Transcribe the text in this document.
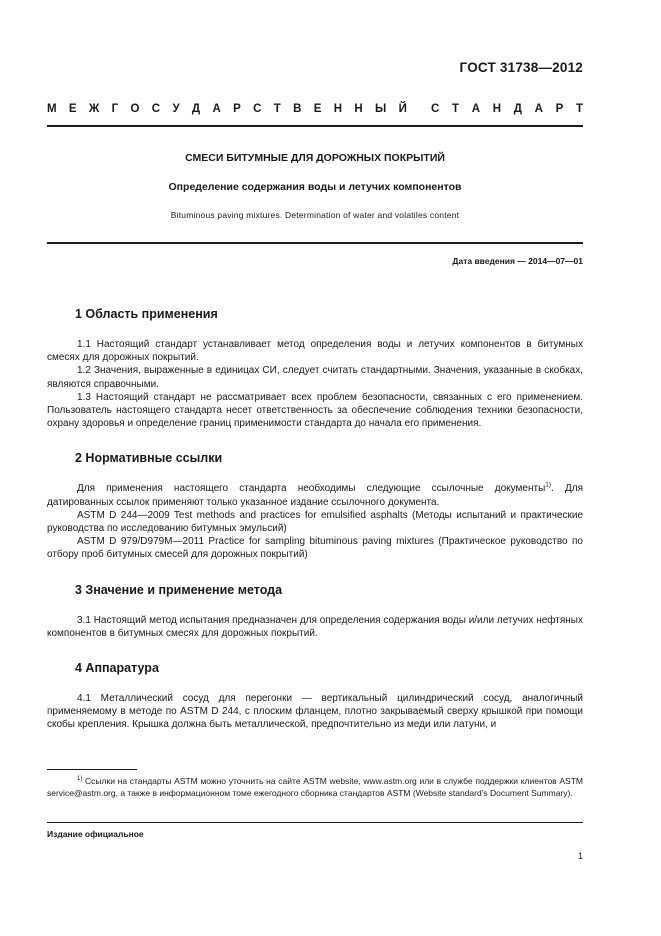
ГОСТ 31738—2012
М Е Ж Г О С У Д А Р С Т В Е Н Н Ы Й С Т А Н Д А Р Т
СМЕСИ БИТУМНЫЕ ДЛЯ ДОРОЖНЫХ ПОКРЫТИЙ
Определение содержания воды и летучих компонентов
Bituminous paving mixtures. Determination of water and volatiles content
Дата введения — 2014—07—01
1 Область применения

1.1 Настоящий стандарт устанавливает метод определения воды и летучих компонентов в битумных смесях для дорожных покрытий.

1.2 Значения, выраженные в единицах СИ, следует считать стандартными. Значения, указанные в скобках, являются справочными.

1.3 Настоящий стандарт не рассматривает всех проблем безопасности, связанных с его применением. Пользователь настоящего стандарта несет ответственность за обеспечение соблюдения техники безопасности, охрану здоровья и определение границ применимости стандарта до начала его применения.

2 Нормативные ссылки

Для применения настоящего стандарта необходимы следующие ссылочные документы$^{1)}$. Для датированных ссылок применяют только указанное издание ссылочного документа.

ASTM D 244—2009 Test methods and practices for emulsified asphalts (Методы испытаний и практические руководства по исследованию битумных эмульсий)

ASTM D 979/D979M—2011 Practice for sampling bituminous paving mixtures (Практическое руководство по отбору проб битумных смесей для дорожных покрытий)

3 Значение и применение метода

3.1 Настоящий метод испытания предназначен для определения содержания воды и/или летучих нефтяных компонентов в битумных смесях для дорожных покрытий.

4 Аппаратура

4.1 Металлический сосуд для перегонки — вертикальный цилиндрический сосуд, аналогичный применяемому в методе по ASTM D 244, с плоским фланцем, плотно закрываемый сверху крышкой при помощи скобы крепления. Крышка должна быть металлической, предпочтительно из меди или латуни, и

$^{1)}$ Ссылки на стандарты ASTM можно уточнить на сайте ASTM website, www.astm.org или в службе поддержки клиентов ASTM service@astm.org, а также в информационном томе ежегодного сборника стандартов ASTM (Website standard’s Document Summary).
Издание официальное
1
